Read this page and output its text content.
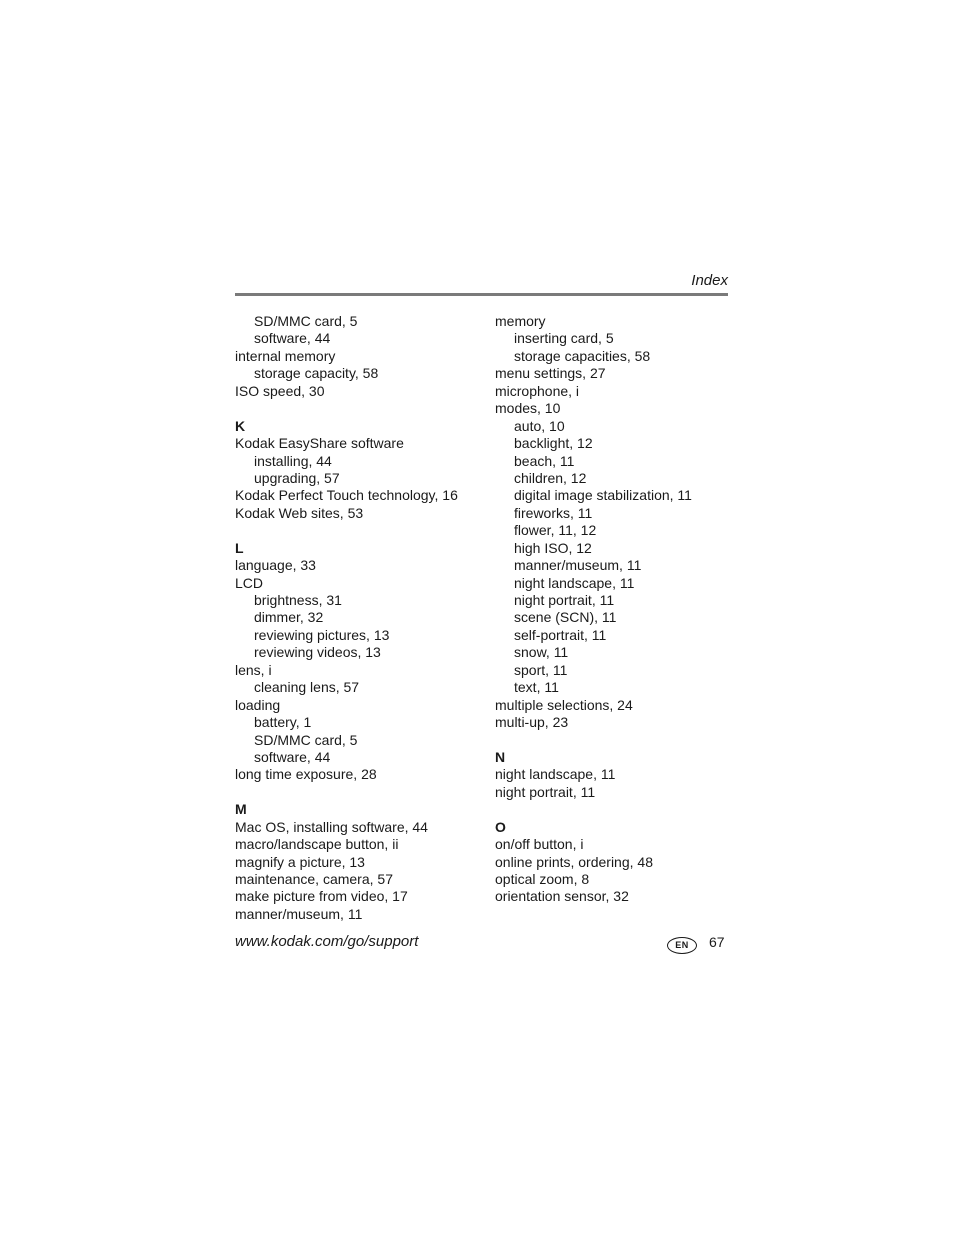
Index
SD/MMC card, 5
software, 44
internal memory
storage capacity, 58
ISO speed, 30
K
Kodak EasyShare software
installing, 44
upgrading, 57
Kodak Perfect Touch technology, 16
Kodak Web sites, 53
L
language, 33
LCD
brightness, 31
dimmer, 32
reviewing pictures, 13
reviewing videos, 13
lens, i
cleaning lens, 57
loading
battery, 1
SD/MMC card, 5
software, 44
long time exposure, 28
M
Mac OS, installing software, 44
macro/landscape button, ii
magnify a picture, 13
maintenance, camera, 57
make picture from video, 17
manner/museum, 11
memory
inserting card, 5
storage capacities, 58
menu settings, 27
microphone, i
modes, 10
auto, 10
backlight, 12
beach, 11
children, 12
digital image stabilization, 11
fireworks, 11
flower, 11, 12
high ISO, 12
manner/museum, 11
night landscape, 11
night portrait, 11
scene (SCN), 11
self-portrait, 11
snow, 11
sport, 11
text, 11
multiple selections, 24
multi-up, 23
N
night landscape, 11
night portrait, 11
O
on/off button, i
online prints, ordering, 48
optical zoom, 8
orientation sensor, 32
www.kodak.com/go/support	EN	67
